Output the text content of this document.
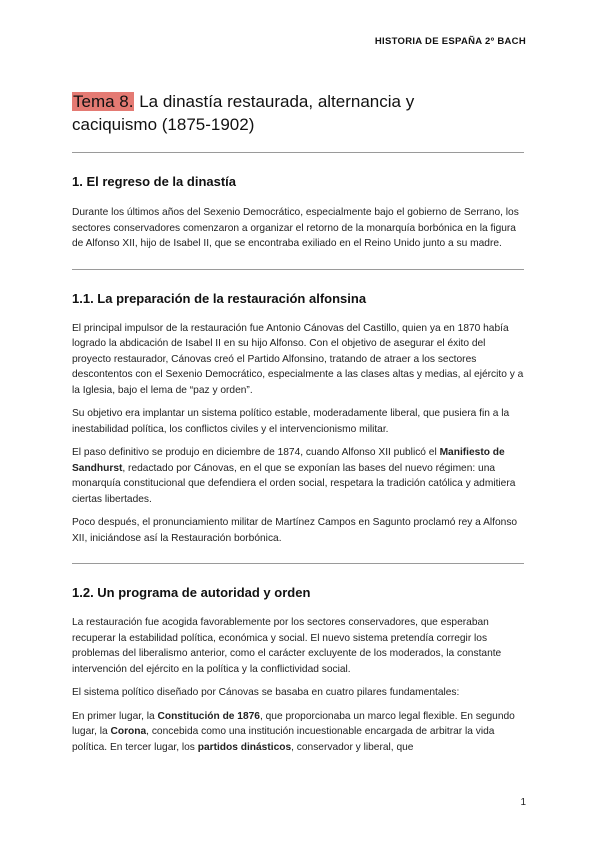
HISTORIA DE ESPAÑA 2º BACH
Tema 8. La dinastía restaurada, alternancia y
caciquismo (1875-1902)
1. El regreso de la dinastía

Durante los últimos años del Sexenio Democrático, especialmente bajo el gobierno de Serrano, los sectores conservadores comenzaron a organizar el retorno de la monarquía borbónica en la figura de Alfonso XII, hijo de Isabel II, que se encontraba exiliado en el Reino Unido junto a su madre.

1.1. La preparación de la restauración alfonsina

El principal impulsor de la restauración fue Antonio Cánovas del Castillo, quien ya en 1870 había logrado la abdicación de Isabel II en su hijo Alfonso. Con el objetivo de asegurar el éxito del proyecto restaurador, Cánovas creó el Partido Alfonsino, tratando de atraer a los sectores descontentos con el Sexenio Democrático, especialmente a las clases altas y medias, al ejército y a la Iglesia, bajo el lema de “paz y orden”.

Su objetivo era implantar un sistema político estable, moderadamente liberal, que pusiera fin a la inestabilidad política, los conflictos civiles y el intervencionismo militar.

El paso definitivo se produjo en diciembre de 1874, cuando Alfonso XII publicó el Manifiesto de Sandhurst, redactado por Cánovas, en el que se exponían las bases del nuevo régimen: una monarquía constitucional que defendiera el orden social, respetara la tradición católica y admitiera ciertas libertades.

Poco después, el pronunciamiento militar de Martínez Campos en Sagunto proclamó rey a Alfonso XII, iniciándose así la Restauración borbónica.

1.2. Un programa de autoridad y orden

La restauración fue acogida favorablemente por los sectores conservadores, que esperaban recuperar la estabilidad política, económica y social. El nuevo sistema pretendía corregir los problemas del liberalismo anterior, como el carácter excluyente de los moderados, la constante intervención del ejército en la política y la conflictividad social.

El sistema político diseñado por Cánovas se basaba en cuatro pilares fundamentales:

En primer lugar, la Constitución de 1876, que proporcionaba un marco legal flexible. En segundo lugar, la Corona, concebida como una institución incuestionable encargada de arbitrar la vida política. En tercer lugar, los partidos dinásticos, conservador y liberal, que

1
